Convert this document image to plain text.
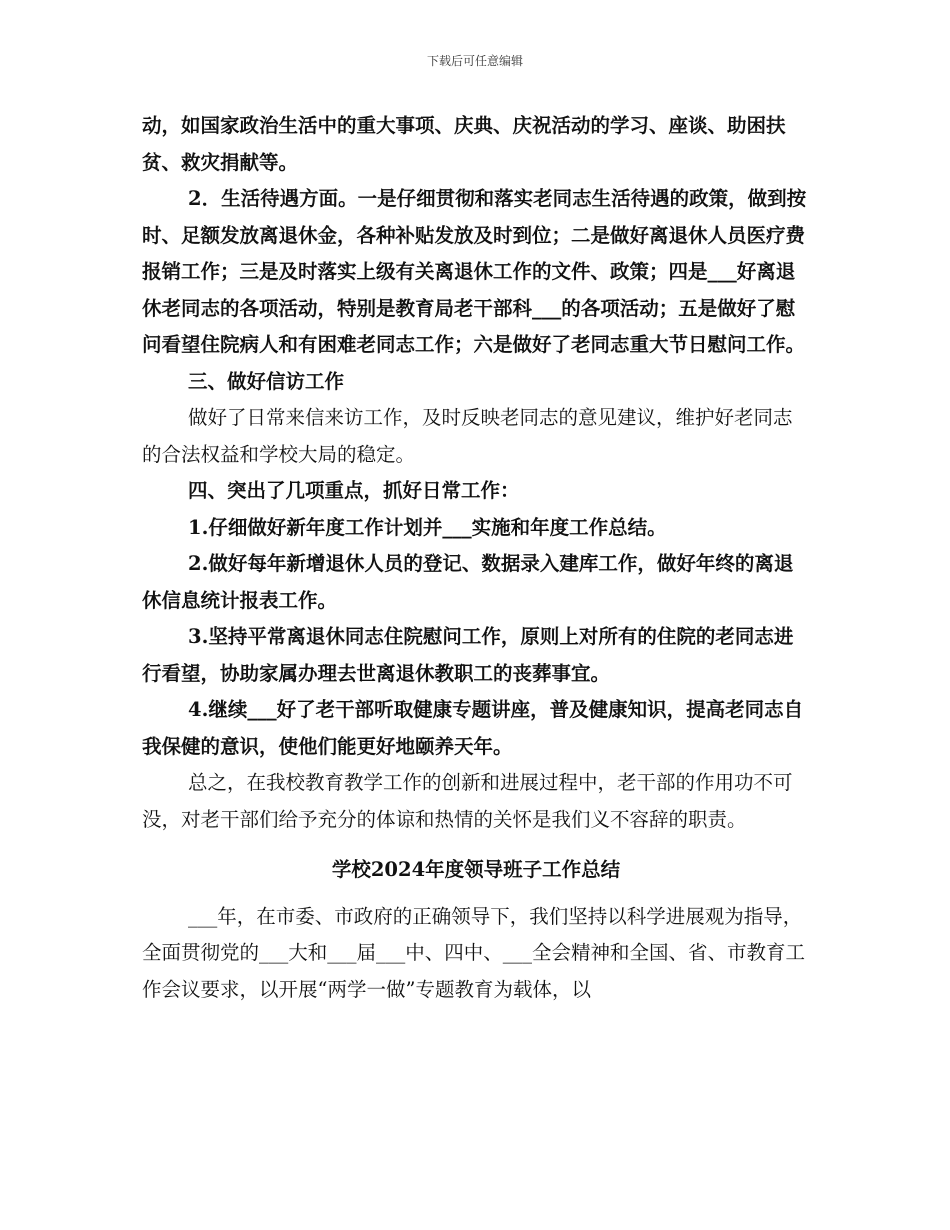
下载后可任意编辑

动，如国家政治生活中的重大事项、庆典、庆祝活动的学习、座谈、助困扶贫、救灾捐献等。

2．生活待遇方面。一是仔细贯彻和落实老同志生活待遇的政策，做到按时、足额发放离退休金，各种补贴发放及时到位；二是做好离退休人员医疗费报销工作；三是及时落实上级有关离退休工作的文件、政策；四是___好离退休老同志的各项活动，特别是教育局老干部科___的各项活动；五是做好了慰问看望住院病人和有困难老同志工作；六是做好了老同志重大节日慰问工作。

三、做好信访工作

做好了日常来信来访工作，及时反映老同志的意见建议，维护好老同志的合法权益和学校大局的稳定。

四、突出了几项重点，抓好日常工作：

1.仔细做好新年度工作计划并___实施和年度工作总结。

2.做好每年新增退休人员的登记、数据录入建库工作，做好年终的离退休信息统计报表工作。

3.坚持平常离退休同志住院慰问工作，原则上对所有的住院的老同志进行看望，协助家属办理去世离退休教职工的丧葬事宜。

4.继续___好了老干部听取健康专题讲座，普及健康知识，提高老同志自我保健的意识，使他们能更好地颐养天年。

总之，在我校教育教学工作的创新和进展过程中，老干部的作用功不可没，对老干部们给予充分的体谅和热情的关怀是我们义不容辞的职责。

学校2024年度领导班子工作总结

___年，在市委、市政府的正确领导下，我们坚持以科学进展观为指导，全面贯彻党的___大和___届___中、四中、___全会精神和全国、省、市教育工作会议要求，以开展“两学一做”专题教育为载体，以
